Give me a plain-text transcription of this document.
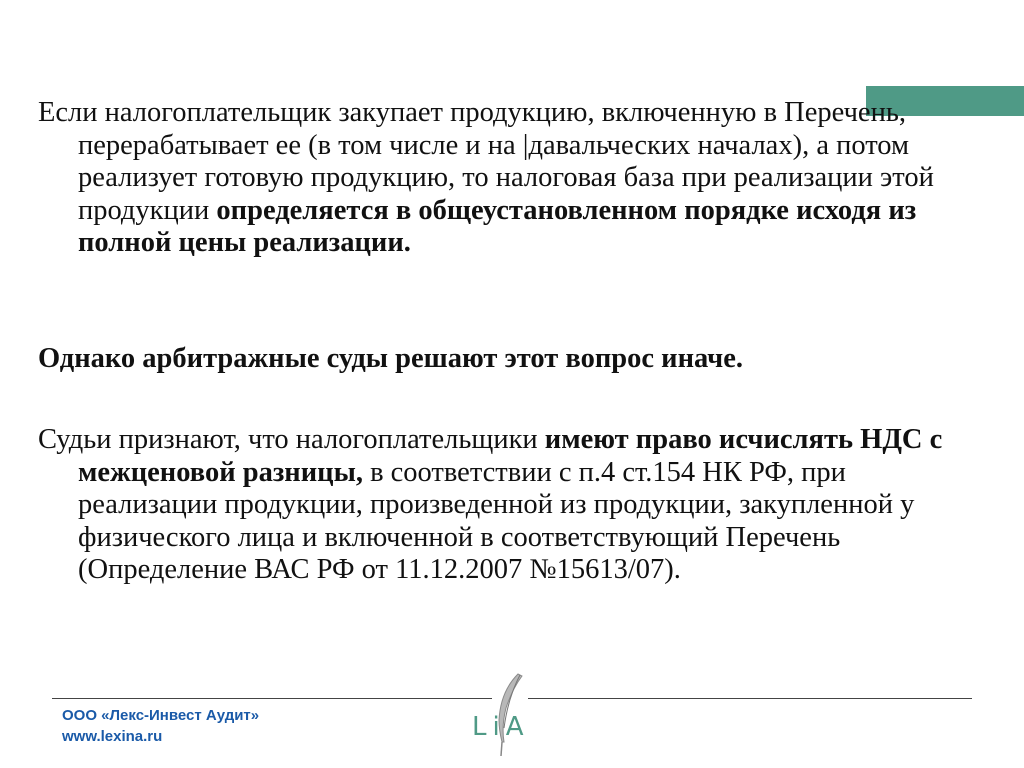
Если налогоплательщик закупает продукцию, включенную в Перечень, перерабатывает ее (в том числе и на |давальческих началах), а потом реализует готовую продукцию, то налоговая база при реализации этой продукции определяется в общеустановленном порядке исходя из полной цены реализации.

Однако арбитражные суды решают этот вопрос иначе.

Судьи признают, что налогоплательщики имеют право исчислять НДС с межценовой разницы, в соответствии с п.4 ст.154 НК РФ, при реализации продукции, произведенной из продукции, закупленной у физического лица и включенной в соответствующий Перечень (Определение ВАС РФ от 11.12.2007 №15613/07).

ООО «Лекс-Инвест Аудит»
www.lexina.ru	LiA
